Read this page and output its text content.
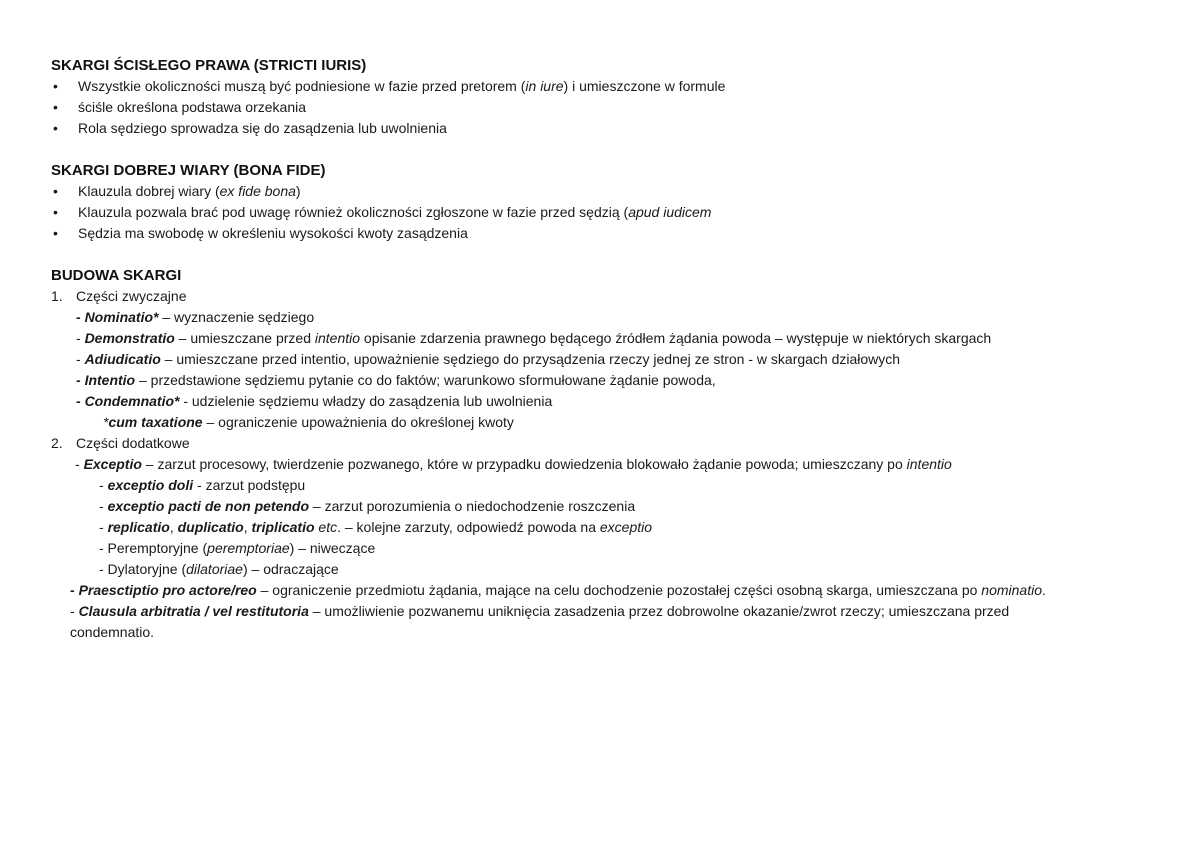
SKARGI ŚCISŁEGO PRAWA (STRICTI IURIS)
• Wszystkie okoliczności muszą być podniesione w fazie przed pretorem (in iure) i umieszczone w formule
• ściśle określona podstawa orzekania
• Rola sędziego sprowadza się do zasądzenia lub uwolnienia
SKARGI DOBREJ WIARY (BONA FIDE)
• Klauzula dobrej wiary (ex fide bona)
• Klauzula pozwala brać pod uwagę również okoliczności zgłoszone w fazie przed sędzią (apud iudicem
• Sędzia ma swobodę w określeniu wysokości kwoty zasądzenia
BUDOWA SKARGI
1. Części zwyczajne
- Nominatio* – wyznaczenie sędziego
- Demonstratio – umieszczane przed intentio opisanie zdarzenia prawnego będącego źródłem żądania powoda – występuje w niektórych skargach
- Adiudicatio – umieszczane przed intentio, upoważnienie sędziego do przysądzenia rzeczy jednej ze stron - w skargach działowych
- Intentio – przedstawione sędziemu pytanie co do faktów; warunkowo sformułowane żądanie powoda,
- Condemnatio* - udzielenie sędziemu władzy do zasądzenia lub uwolnienia
*cum taxatione – ograniczenie upoważnienia do określonej kwoty
2. Części dodatkowe
- Exceptio – zarzut procesowy, twierdzenie pozwanego, które w przypadku dowiedzenia blokowało żądanie powoda; umieszczany po intentio
- exceptio doli - zarzut podstępu
- exceptio pacti de non petendo – zarzut porozumienia o niedochodzenie roszczenia
- replicatio, duplicatio, triplicatio etc. – kolejne zarzuty, odpowiedź powoda na exceptio
- Peremptoryjne (peremptoriae) – niweczące
- Dylatoryjne (dilatoriae) – odraczające
- Praesctiptio pro actore/reo – ograniczenie przedmiotu żądania, mające na celu dochodzenie pozostałej części osobną skarga, umieszczana po nominatio.
- Clausula arbitratia / vel restitutoria – umożliwienie pozwanemu uniknięcia zasadzenia przez dobrowolne okazanie/zwrot rzeczy; umieszczana przed
condemnatio.
